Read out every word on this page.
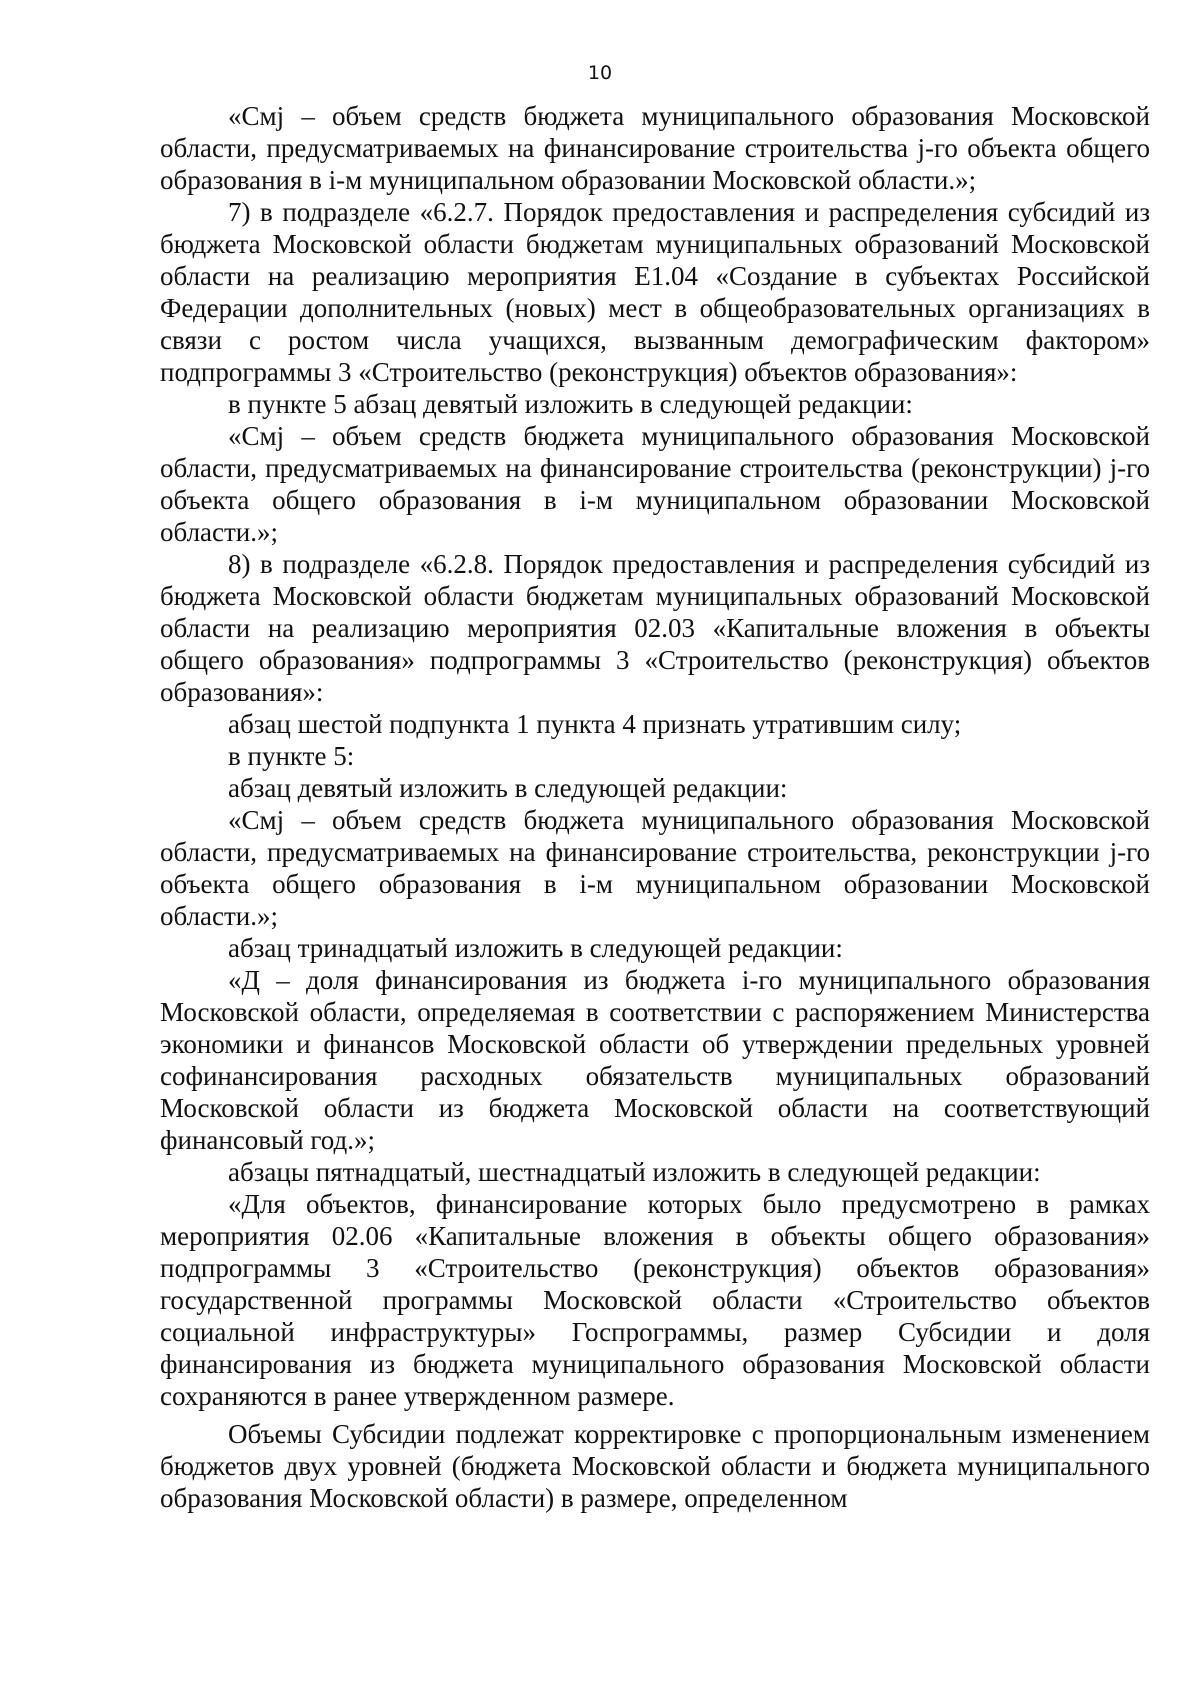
10

«Смj – объем средств бюджета муниципального образования Московской области, предусматриваемых на финансирование строительства j-го объекта общего образования в i-м муниципальном образовании Московской области.»;

7) в подразделе «6.2.7. Порядок предоставления и распределения субсидий из бюджета Московской области бюджетам муниципальных образований Московской области на реализацию мероприятия Е1.04 «Создание в субъектах Российской Федерации дополнительных (новых) мест в общеобразовательных организациях в связи с ростом числа учащихся, вызванным демографическим фактором» подпрограммы 3 «Строительство (реконструкция) объектов образования»:

в пункте 5 абзац девятый изложить в следующей редакции:

«Смj – объем средств бюджета муниципального образования Московской области, предусматриваемых на финансирование строительства (реконструкции) j-го объекта общего образования в i-м муниципальном образовании Московской области.»;

8) в подразделе «6.2.8. Порядок предоставления и распределения субсидий из бюджета Московской области бюджетам муниципальных образований Московской области на реализацию мероприятия 02.03 «Капитальные вложения в объекты общего образования» подпрограммы 3 «Строительство (реконструкция) объектов образования»:

абзац шестой подпункта 1 пункта 4 признать утратившим силу;

в пункте 5:

абзац девятый изложить в следующей редакции:

«Смj – объем средств бюджета муниципального образования Московской области, предусматриваемых на финансирование строительства, реконструкции j-го объекта общего образования в i-м муниципальном образовании Московской области.»;

абзац тринадцатый изложить в следующей редакции:

«Д – доля финансирования из бюджета i-го муниципального образования Московской области, определяемая в соответствии с распоряжением Министерства экономики и финансов Московской области об утверждении предельных уровней софинансирования расходных обязательств муниципальных образований Московской области из бюджета Московской области на соответствующий финансовый год.»;

абзацы пятнадцатый, шестнадцатый изложить в следующей редакции:

«Для объектов, финансирование которых было предусмотрено в рамках мероприятия 02.06 «Капитальные вложения в объекты общего образования» подпрограммы 3 «Строительство (реконструкция) объектов образования» государственной программы Московской области «Строительство объектов социальной инфраструктуры» Госпрограммы, размер Субсидии и доля финансирования из бюджета муниципального образования Московской области сохраняются в ранее утвержденном размере.

Объемы Субсидии подлежат корректировке с пропорциональным изменением бюджетов двух уровней (бюджета Московской области и бюджета муниципального образования Московской области) в размере, определенном
